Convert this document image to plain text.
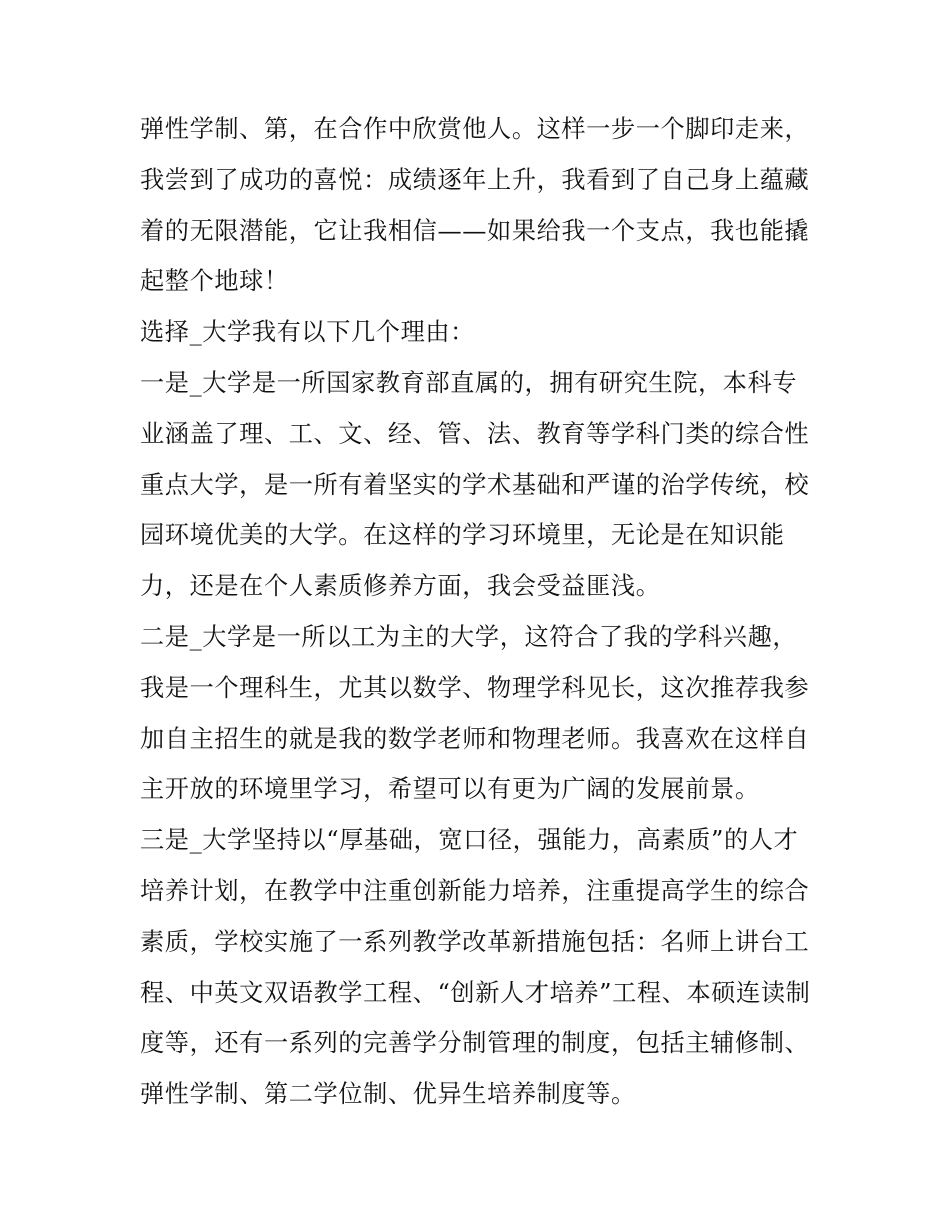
弹性学制、第，在合作中欣赏他人。这样一步一个脚印走来，我尝到了成功的喜悦：成绩逐年上升，我看到了自己身上蕴藏着的无限潜能，它让我相信——如果给我一个支点，我也能撬起整个地球！

选择_大学我有以下几个理由：

一是_大学是一所国家教育部直属的，拥有研究生院，本科专业涵盖了理、工、文、经、管、法、教育等学科门类的综合性重点大学，是一所有着坚实的学术基础和严谨的治学传统，校园环境优美的大学。在这样的学习环境里，无论是在知识能力，还是在个人素质修养方面，我会受益匪浅。

二是_大学是一所以工为主的大学，这符合了我的学科兴趣，我是一个理科生，尤其以数学、物理学科见长，这次推荐我参加自主招生的就是我的数学老师和物理老师。我喜欢在这样自主开放的环境里学习，希望可以有更为广阔的发展前景。

三是_大学坚持以“厚基础，宽口径，强能力，高素质”的人才培养计划，在教学中注重创新能力培养，注重提高学生的综合素质，学校实施了一系列教学改革新措施包括：名师上讲台工程、中英文双语教学工程、“创新人才培养”工程、本硕连读制度等，还有一系列的完善学分制管理的制度，包括主辅修制、弹性学制、第二学位制、优异生培养制度等。
